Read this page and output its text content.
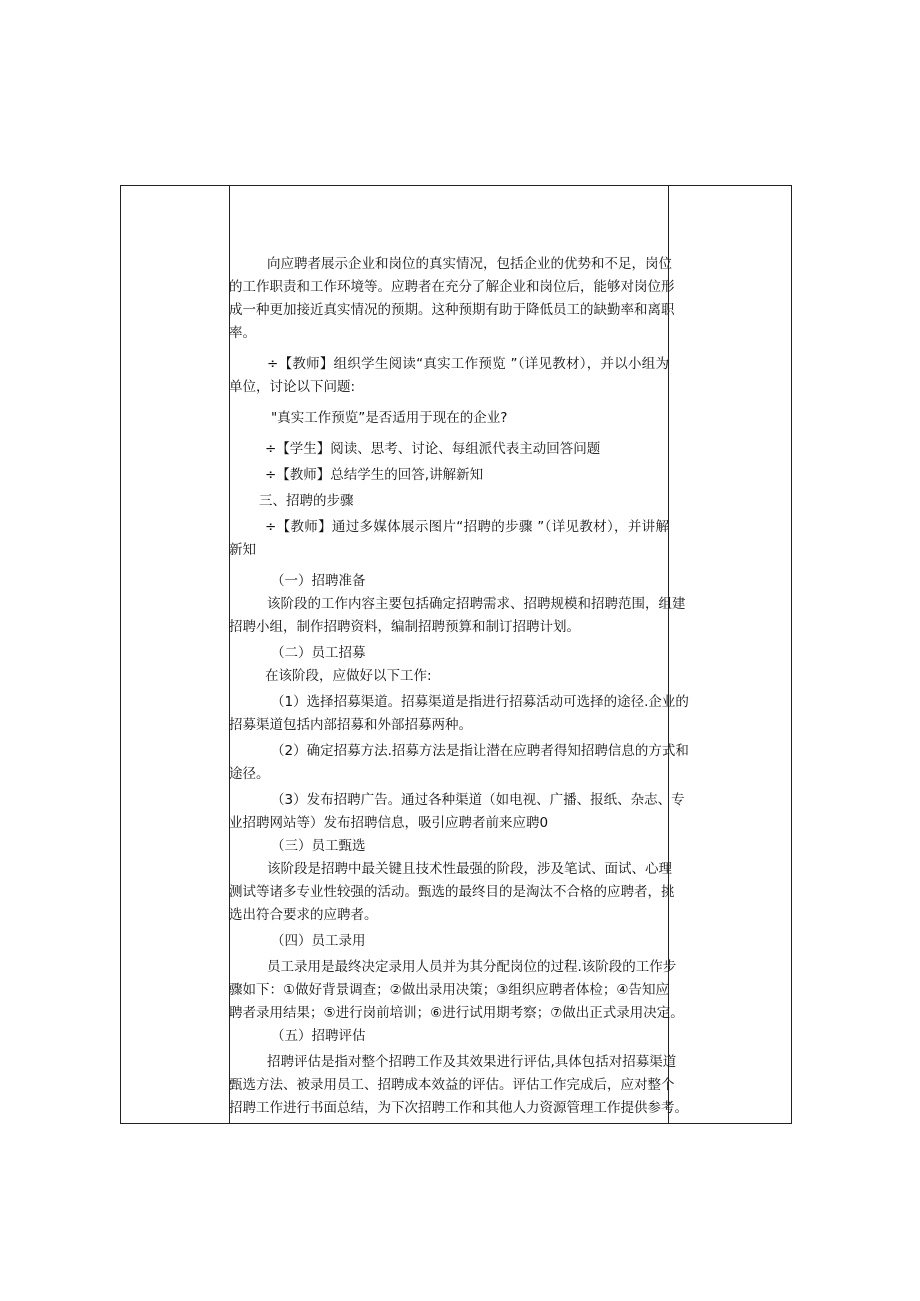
向应聘者展示企业和岗位的真实情况，包括企业的优势和不足，岗位
的工作职责和工作环境等。应聘者在充分了解企业和岗位后，能够对岗位形
成一种更加接近真实情况的预期。这种预期有助于降低员工的缺勤率和离职
率。
÷【教师】组织学生阅读“真实工作预览 ”（详见教材），并以小组为
单位，讨论以下问题:
"真实工作预览”是否适用于现在的企业?
÷【学生】阅读、思考、讨论、每组派代表主动回答问题
÷【教师】总结学生的回答,讲解新知
三、招聘的步骤
÷【教师】通过多媒体展示图片“招聘的步骤 ”（详见教材），并讲解
新知
（一）招聘准备
该阶段的工作内容主要包括确定招聘需求、招聘规模和招聘范围，组建
招聘小组，制作招聘资料，编制招聘预算和制订招聘计划。
（二）员工招募
在该阶段，应做好以下工作:
（1）选择招募渠道。招募渠道是指进行招募活动可选择的途径.企业的
招募渠道包括内部招募和外部招募两种。
（2）确定招募方法.招募方法是指让潜在应聘者得知招聘信息的方式和
途径。
（3）发布招聘广告。通过各种渠道（如电视、广播、报纸、杂志、专
业招聘网站等）发布招聘信息，吸引应聘者前来应聘0
（三）员工甄选
该阶段是招聘中最关键且技术性最强的阶段，涉及笔试、面试、心理
测试等诸多专业性较强的活动。甄选的最终目的是淘汰不合格的应聘者，挑
选出符合要求的应聘者。
（四）员工录用
员工录用是最终决定录用人员并为其分配岗位的过程.该阶段的工作步
骤如下：①做好背景调查；②做出录用决策；③组织应聘者体检；④告知应
聘者录用结果；⑤进行岗前培训；⑥进行试用期考察；⑦做出正式录用决定。
（五）招聘评估
招聘评估是指对整个招聘工作及其效果进行评估,具体包括对招募渠道
甄选方法、被录用员工、招聘成本效益的评估。评估工作完成后，应对整个
招聘工作进行书面总结，为下次招聘工作和其他人力资源管理工作提供参考。
